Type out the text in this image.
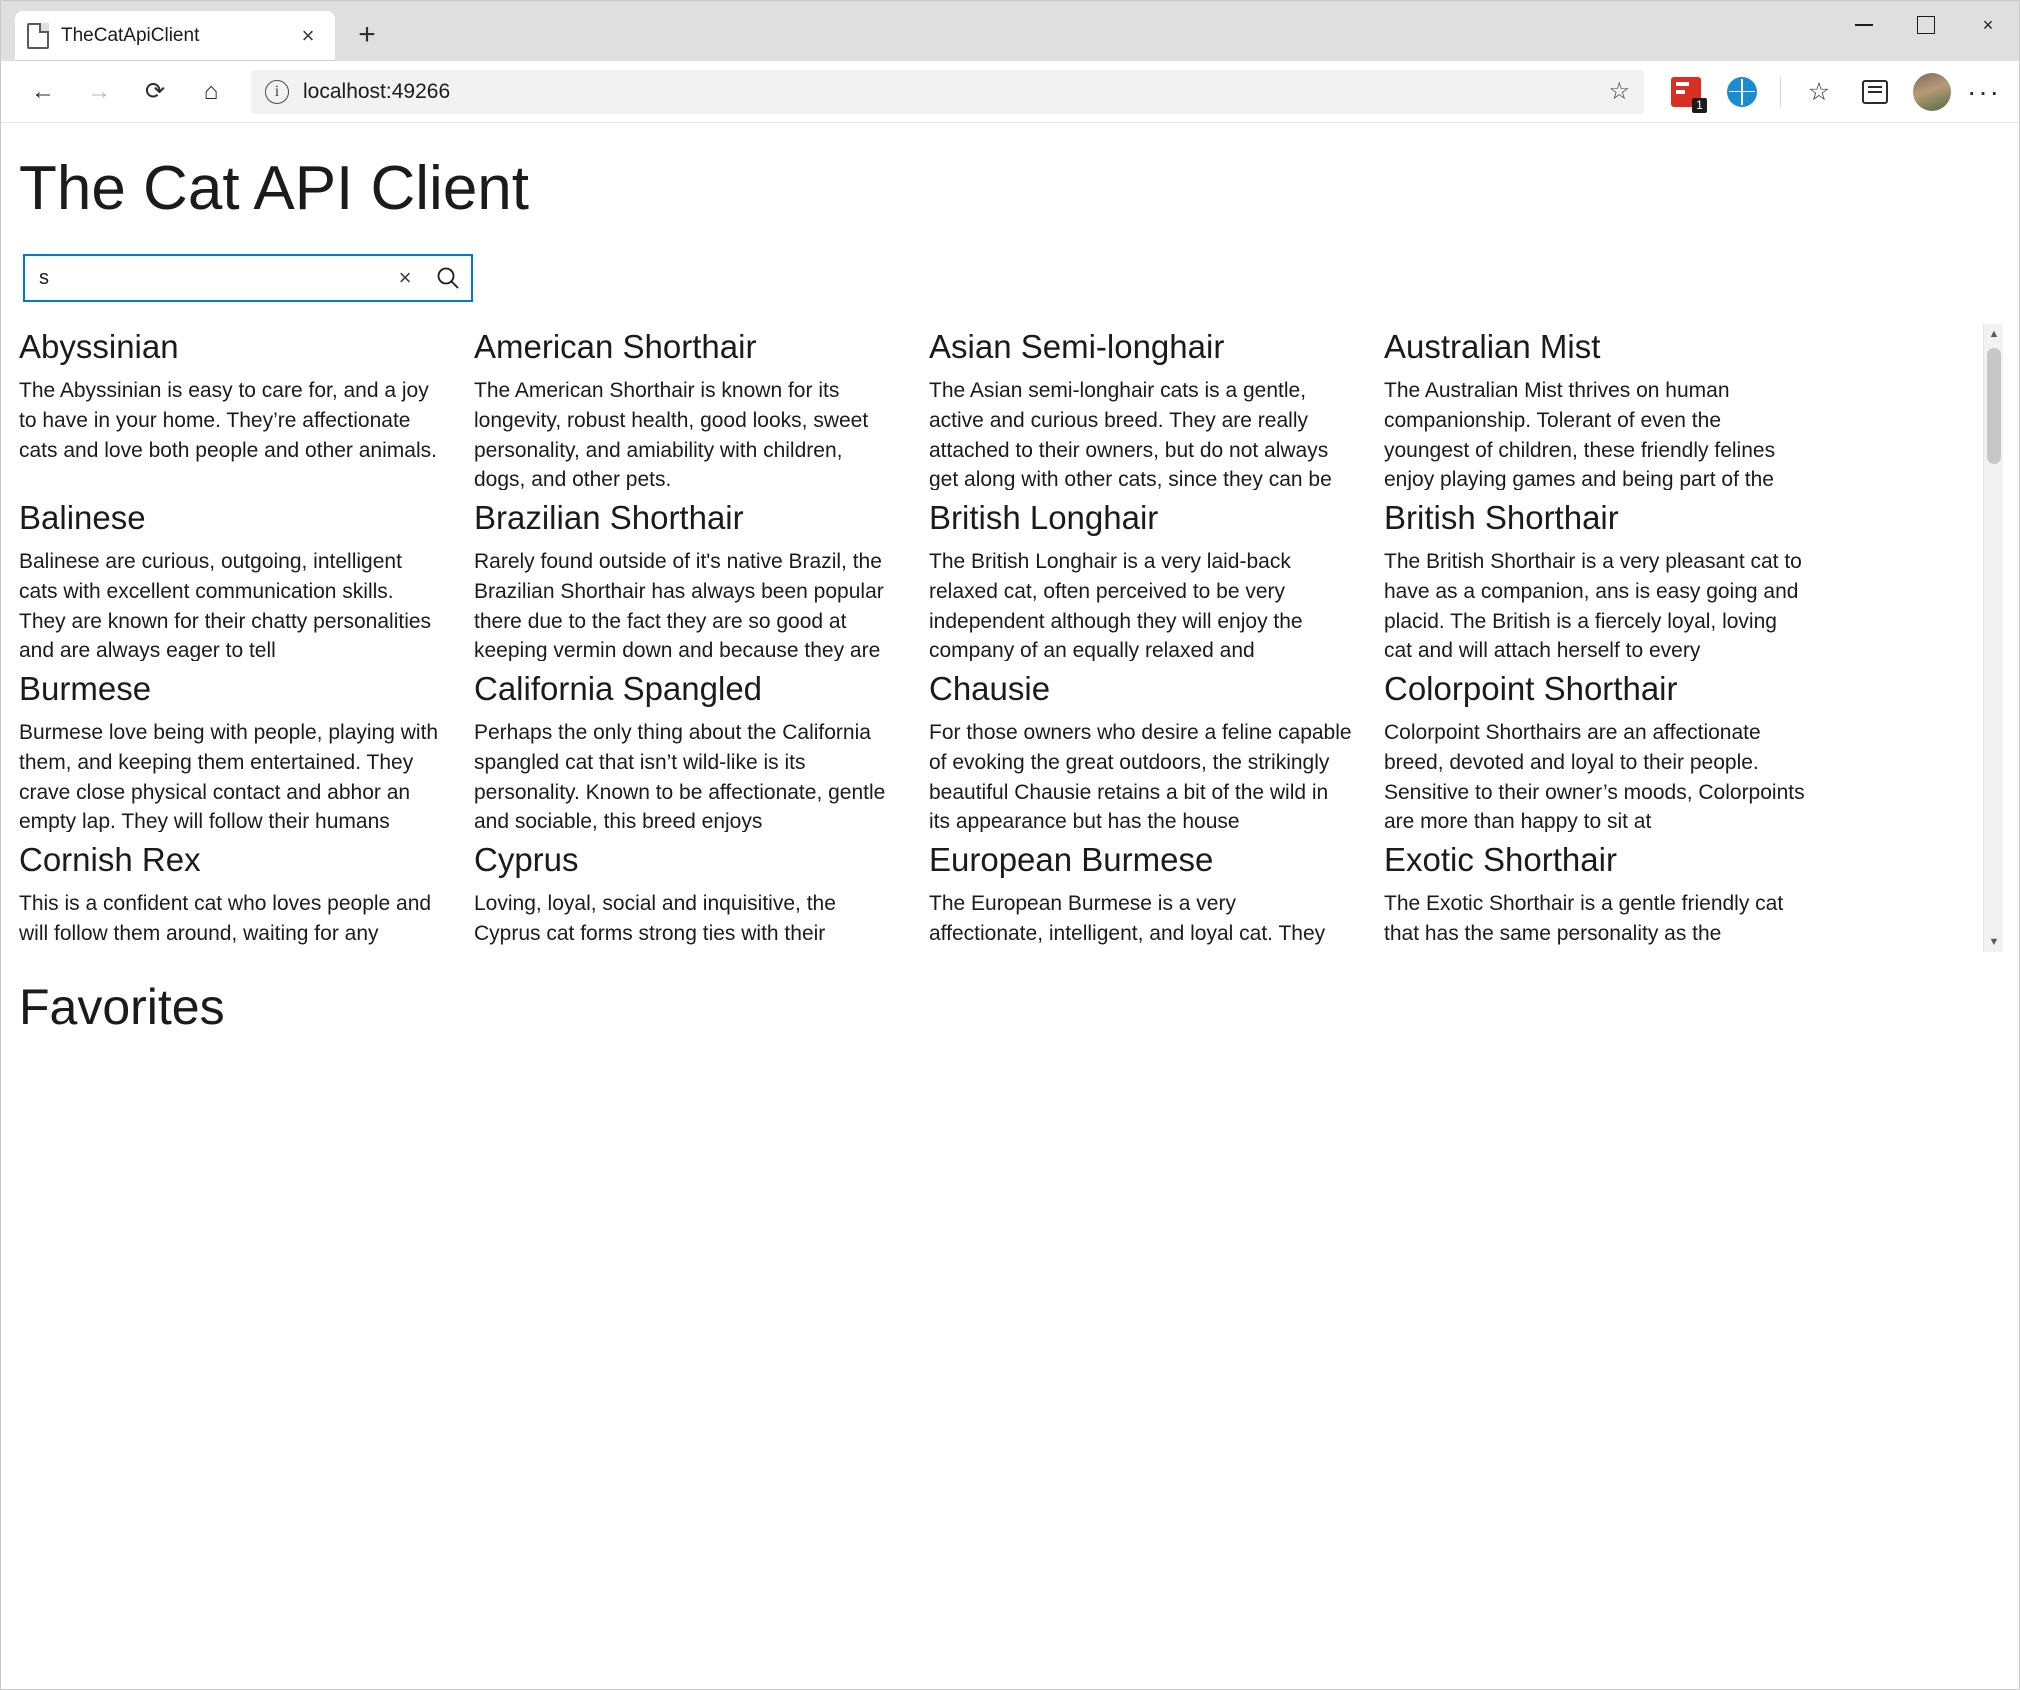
TheCatApiClient	×	+	×
←	→	⟳	⌂	i	localhost:49266	☆	1	☆	···
The Cat API Client
s
×
Abyssinian
The Abyssinian is easy to care for, and a joy to have in your home. They’re affectionate cats and love both people and other animals.
American Shorthair
The American Shorthair is known for its longevity, robust health, good looks, sweet personality, and amiability with children, dogs, and other pets.
Asian Semi-longhair
The Asian semi-longhair cats is a gentle, active and curious breed. They are really attached to their owners, but do not always get along with other cats, since they can be
Australian Mist
The Australian Mist thrives on human companionship. Tolerant of even the youngest of children, these friendly felines enjoy playing games and being part of the
Balinese
Balinese are curious, outgoing, intelligent cats with excellent communication skills. They are known for their chatty personalities and are always eager to tell
Brazilian Shorthair
Rarely found outside of it's native Brazil, the Brazilian Shorthair has always been popular there due to the fact they are so good at keeping vermin down and because they are
British Longhair
The British Longhair is a very laid-back relaxed cat, often perceived to be very independent although they will enjoy the company of an equally relaxed and
British Shorthair
The British Shorthair is a very pleasant cat to have as a companion, ans is easy going and placid. The British is a fiercely loyal, loving cat and will attach herself to every
Burmese
Burmese love being with people, playing with them, and keeping them entertained. They crave close physical contact and abhor an empty lap. They will follow their humans
California Spangled
Perhaps the only thing about the California spangled cat that isn’t wild-like is its personality. Known to be affectionate, gentle and sociable, this breed enjoys
Chausie
For those owners who desire a feline capable of evoking the great outdoors, the strikingly beautiful Chausie retains a bit of the wild in its appearance but has the house
Colorpoint Shorthair
Colorpoint Shorthairs are an affectionate breed, devoted and loyal to their people. Sensitive to their owner’s moods, Colorpoints are more than happy to sit at
Cornish Rex
This is a confident cat who loves people and will follow them around, waiting for any
Cyprus
Loving, loyal, social and inquisitive, the Cyprus cat forms strong ties with their
European Burmese
The European Burmese is a very affectionate, intelligent, and loyal cat. They
Exotic Shorthair
The Exotic Shorthair is a gentle friendly cat that has the same personality as the
▲
▼
Favorites
